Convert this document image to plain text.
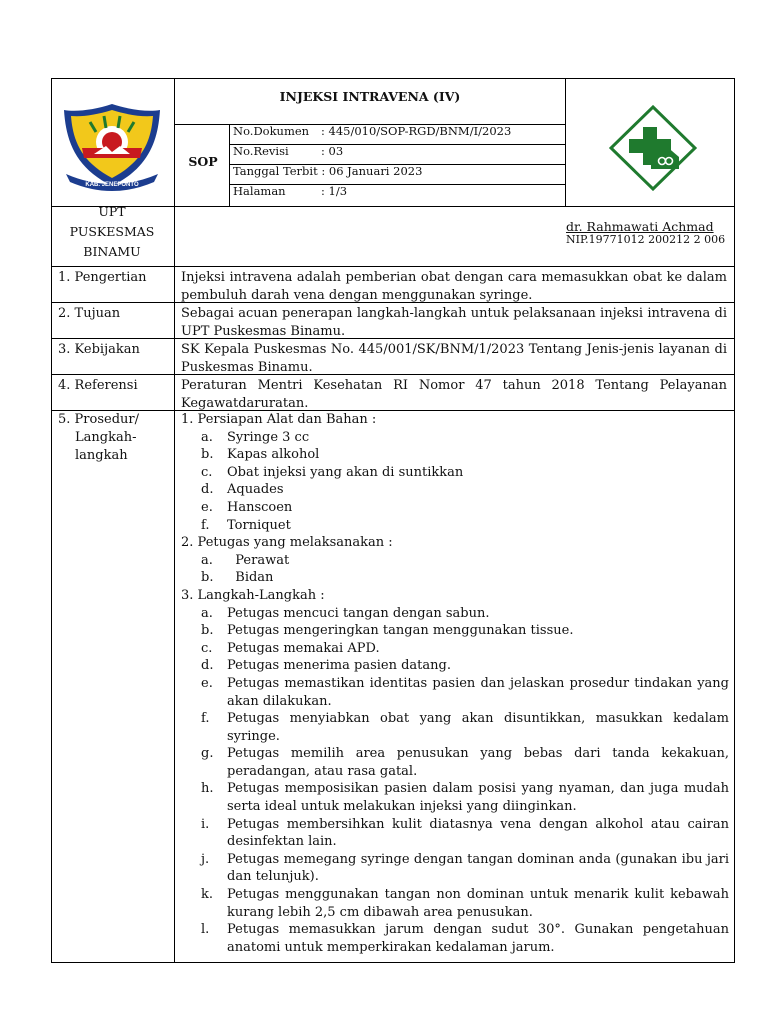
KAB. JENEPONTO
INJEKSI INTRAVENA (IV)
SOP
No.Dokumen : 445/010/SOP-RGD/BNM/I/2023
No.Revisi	: 03
Tanggal Terbit : 06 Januari 2023
Halaman	: 1/3
UPT
PUSKESMAS
BINAMU
dr. Rahmawati Achmad
NIP.19771012 200212 2 006
1. Pengertian	Injeksi intravena adalah pemberian obat dengan cara memasukkan obat ke dalam pembuluh darah vena dengan menggunakan syringe.
2. Tujuan	Sebagai acuan penerapan langkah-langkah untuk pelaksanaan injeksi intravena di UPT Puskesmas Binamu.
3. Kebijakan	SK Kepala Puskesmas No. 445/001/SK/BNM/1/2023 Tentang Jenis-jenis layanan di Puskesmas Binamu.
4. Referensi	Peraturan Mentri Kesehatan RI Nomor 47 tahun 2018 Tentang Pelayanan Kegawatdaruratan.
5. Prosedur/
Langkah-
langkah
1. Persiapan Alat dan Bahan :
a.	Syringe 3 cc
b.	Kapas alkohol
c.	Obat injeksi yang akan di suntikkan
d.	Aquades
e.	Hanscoen
f.	Torniquet
2. Petugas yang melaksanakan :
a.	Perawat
b.	Bidan
3. Langkah-Langkah :
a.	Petugas mencuci tangan dengan sabun.
b.	Petugas mengeringkan tangan menggunakan tissue.
c.	Petugas memakai APD.
d.	Petugas menerima pasien datang.
e.	Petugas memastikan identitas pasien dan jelaskan prosedur tindakan yang akan dilakukan.
f.	Petugas menyiabkan obat yang akan disuntikkan, masukkan kedalam syringe.
g.	Petugas memilih area penusukan yang bebas dari tanda kekakuan, peradangan, atau rasa gatal.
h.	Petugas memposisikan pasien dalam posisi yang nyaman, dan juga mudah serta ideal untuk melakukan injeksi yang diinginkan.
i.	Petugas membersihkan kulit diatasnya vena dengan alkohol atau cairan desinfektan lain.
j.	Petugas memegang syringe dengan tangan dominan anda (gunakan ibu jari dan telunjuk).
k.	Petugas menggunakan tangan non dominan untuk menarik kulit kebawah kurang lebih 2,5 cm dibawah area penusukan.
l.	Petugas memasukkan jarum dengan sudut 30°. Gunakan pengetahuan anatomi untuk memperkirakan kedalaman jarum.
